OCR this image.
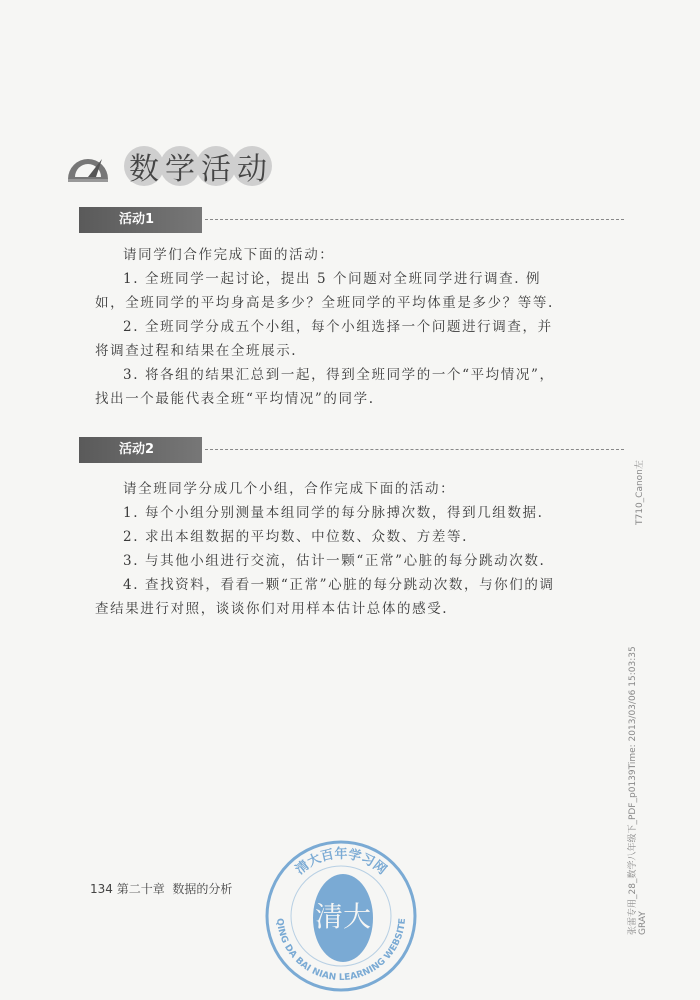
数 学 活 动
活动1

请同学们合作完成下面的活动：

1. 全班同学一起讨论，提出 5 个问题对全班同学进行调查. 例如，全班同学的平均身高是多少？全班同学的平均体重是多少？等等.

2. 全班同学分成五个小组，每个小组选择一个问题进行调查，并将调查过程和结果在全班展示.

3. 将各组的结果汇总到一起，得到全班同学的一个“平均情况”，找出一个最能代表全班“平均情况”的同学.

活动2

请全班同学分成几个小组，合作完成下面的活动：

1. 每个小组分别测量本组同学的每分脉搏次数，得到几组数据.

2. 求出本组数据的平均数、中位数、众数、方差等.

3. 与其他小组进行交流，估计一颗“正常”心脏的每分跳动次数.

4. 查找资料，看看一颗“正常”心脏的每分跳动次数，与你们的调查结果进行对照，谈谈你们对用样本估计总体的感受.

134 第二十章 数据的分析
T710_Canon左
张雷专用_28_数学八年级下_PDF_p0139Time: 2013/03/06 15:03:35 GRAY
清大
清大百年学习网
QING DA BAI NIAN LEARNING WEBSITE
